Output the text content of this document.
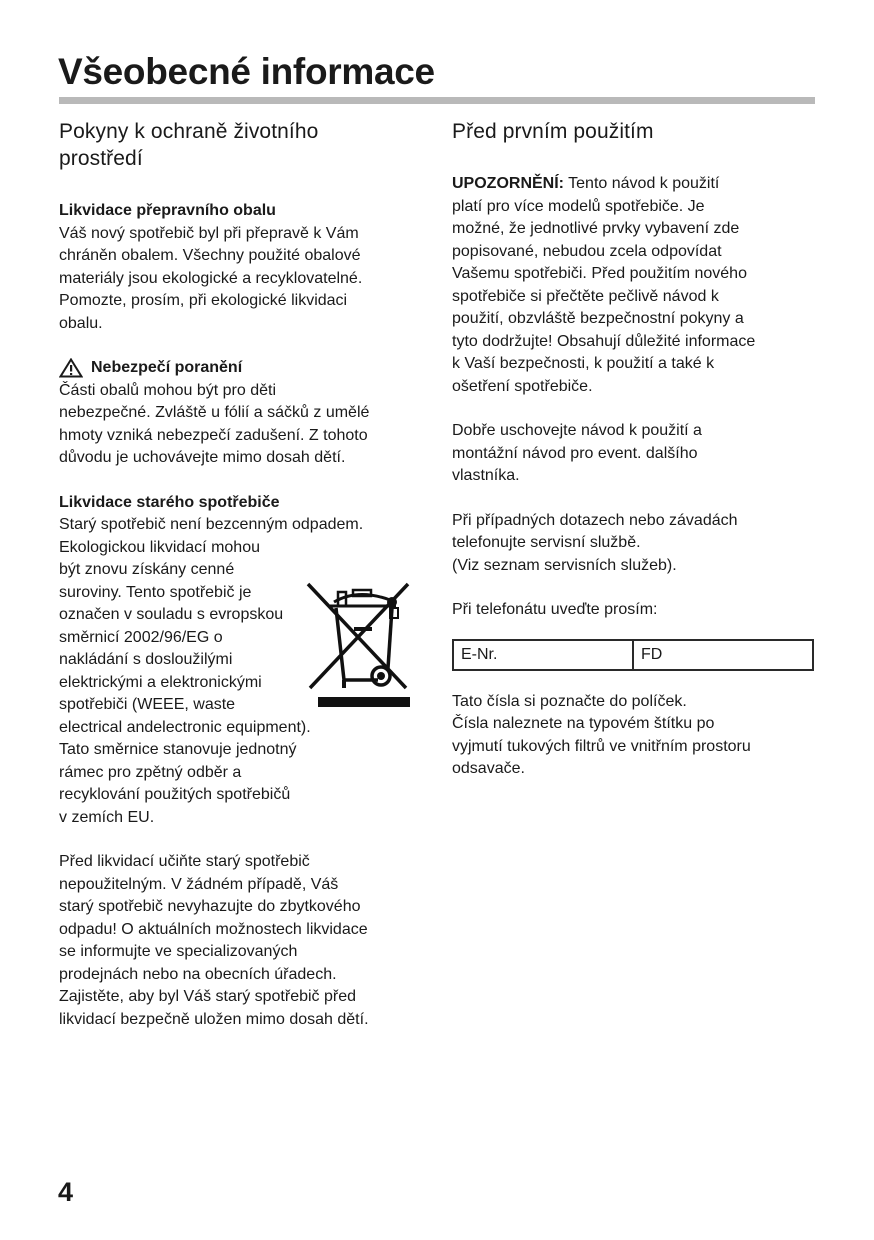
Všeobecné informace
Pokyny k ochraně životního prostředí
Likvidace přepravního obalu

Váš nový spotřebič byl při přepravě k Vám

chráněn obalem. Všechny použité obalové

materiály jsou ekologické a recyklovatelné.

Pomozte, prosím, při ekologické likvidaci

obalu.

Nebezpečí poranění

Části obalů mohou být pro děti

nebezpečné. Zvláště u fólií a sáčků z umělé

hmoty vzniká nebezpečí zadušení. Z tohoto

důvodu je uchovávejte mimo dosah dětí.

Likvidace starého spotřebiče

Starý spotřebič není bezcenným odpadem.

Ekologickou likvidací mohou

být znovu získány cenné

suroviny. Tento spotřebič je

označen v souladu s evropskou

směrnicí 2002/96/EG o

nakládání s dosloužilými

elektrickými a elektronickými

spotřebiči (WEEE, waste

electrical andelectronic equipment).

Tato směrnice stanovuje jednotný

rámec pro zpětný odběr a

recyklování použitých spotřebičů

v zemích EU.

Před likvidací učiňte starý spotřebič

nepoužitelným. V žádném případě, Váš

starý spotřebič nevyhazujte do zbytkového

odpadu! O aktuálních možnostech likvidace

se informujte ve specializovaných

prodejnách nebo na obecních úřadech.

Zajistěte, aby byl Váš starý spotřebič před

likvidací bezpečně uložen mimo dosah dětí.

Před prvním použitím

UPOZORNĚNÍ: Tento návod k použití

platí pro více modelů spotřebiče. Je

možné, že jednotlivé prvky vybavení zde

popisované, nebudou zcela odpovídat

Vašemu spotřebiči. Před použitím nového

spotřebiče si přečtěte pečlivě návod k

použití, obzvláště bezpečnostní pokyny a

tyto dodržujte! Obsahují důležité informace

k Vaší bezpečnosti, k použití a také k

ošetření spotřebiče.

Dobře uschovejte návod k použití a

montážní návod pro event. dalšího

vlastníka.

Při případných dotazech nebo závadách

telefonujte servisní službě.

(Viz seznam servisních služeb).

Při telefonátu uveďte prosím:

E-Nr.	FD

Tato čísla si poznačte do políček.

Čísla naleznete na typovém štítku po

vyjmutí tukových filtrů ve vnitřním prostoru

odsavače.

4
